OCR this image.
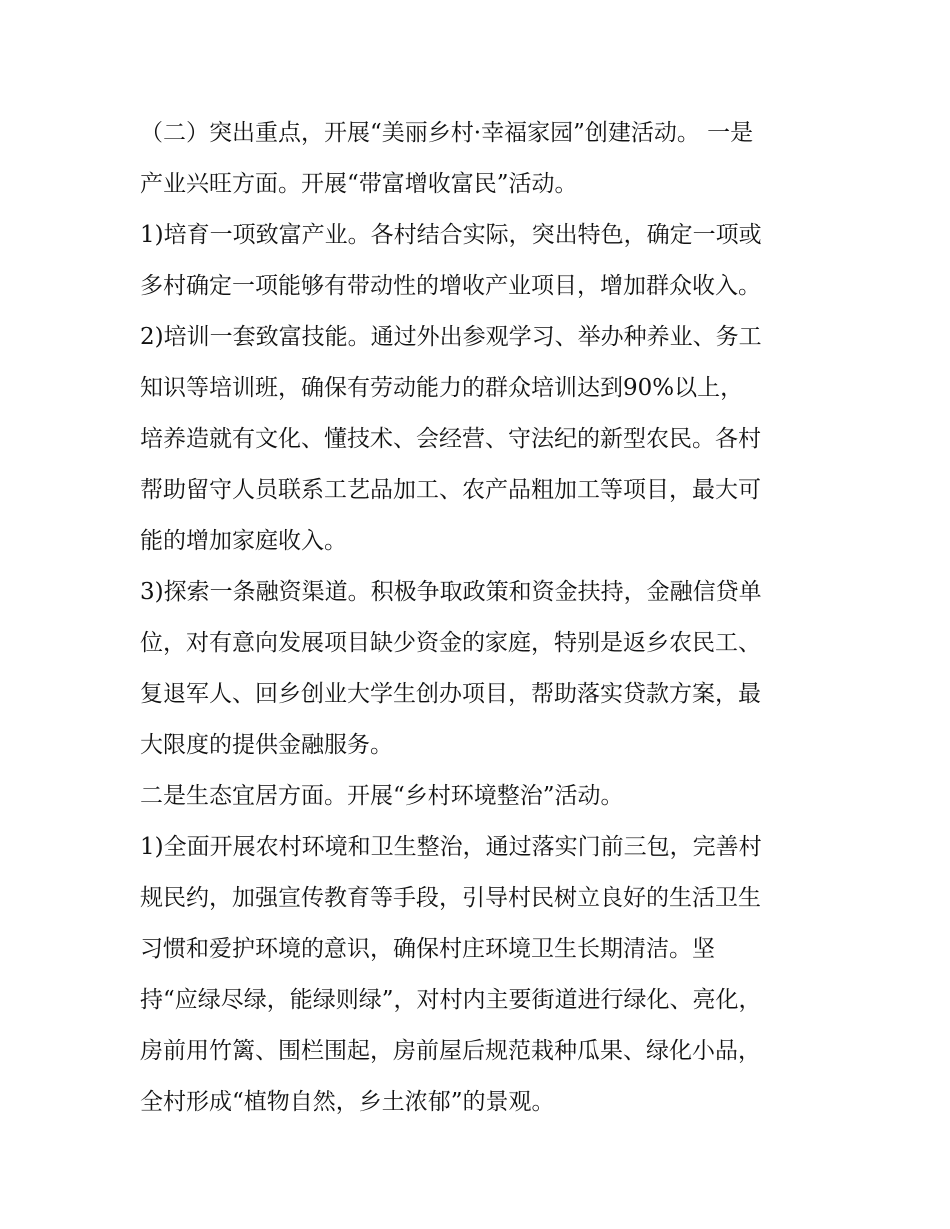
（二）突出重点，开展“美丽乡村·幸福家园”创建活动。 一是
产业兴旺方面。开展“带富增收富民”活动。
1)培育一项致富产业。各村结合实际，突出特色，确定一项或
多村确定一项能够有带动性的增收产业项目，增加群众收入。
2)培训一套致富技能。通过外出参观学习、举办种养业、务工
知识等培训班，确保有劳动能力的群众培训达到90%以上，
培养造就有文化、懂技术、会经营、守法纪的新型农民。各村
帮助留守人员联系工艺品加工、农产品粗加工等项目，最大可
能的增加家庭收入。
3)探索一条融资渠道。积极争取政策和资金扶持，金融信贷单
位，对有意向发展项目缺少资金的家庭，特别是返乡农民工、
复退军人、回乡创业大学生创办项目，帮助落实贷款方案，最
大限度的提供金融服务。
二是生态宜居方面。开展“乡村环境整治”活动。
1)全面开展农村环境和卫生整治，通过落实门前三包，完善村
规民约，加强宣传教育等手段，引导村民树立良好的生活卫生
习惯和爱护环境的意识，确保村庄环境卫生长期清洁。坚
持“应绿尽绿，能绿则绿”，对村内主要街道进行绿化、亮化，
房前用竹篱、围栏围起，房前屋后规范栽种瓜果、绿化小品，
全村形成“植物自然，乡土浓郁”的景观。
